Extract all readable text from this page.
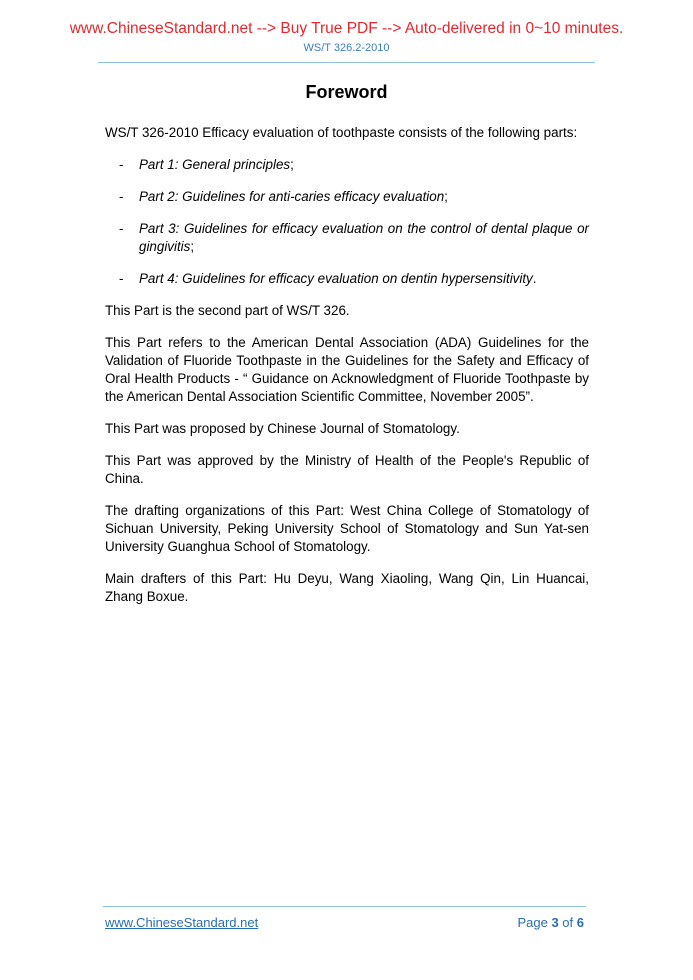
www.ChineseStandard.net --> Buy True PDF --> Auto-delivered in 0~10 minutes.
WS/T 326.2-2010
Foreword

WS/T 326-2010 Efficacy evaluation of toothpaste consists of the following parts:

- Part 1: General principles;
- Part 2: Guidelines for anti-caries efficacy evaluation;
- Part 3: Guidelines for efficacy evaluation on the control of dental plaque or gingivitis;
- Part 4: Guidelines for efficacy evaluation on dentin hypersensitivity.

This Part is the second part of WS/T 326.

This Part refers to the American Dental Association (ADA) Guidelines for the Validation of Fluoride Toothpaste in the Guidelines for the Safety and Efficacy of Oral Health Products - “ Guidance on Acknowledgment of Fluoride Toothpaste by the American Dental Association Scientific Committee, November 2005”.

This Part was proposed by Chinese Journal of Stomatology.

This Part was approved by the Ministry of Health of the People's Republic of China.

The drafting organizations of this Part: West China College of Stomatology of Sichuan University, Peking University School of Stomatology and Sun Yat-sen University Guanghua School of Stomatology.

Main drafters of this Part: Hu Deyu, Wang Xiaoling, Wang Qin, Lin Huancai, Zhang Boxue.

www.ChineseStandard.net	Page 3 of 6
